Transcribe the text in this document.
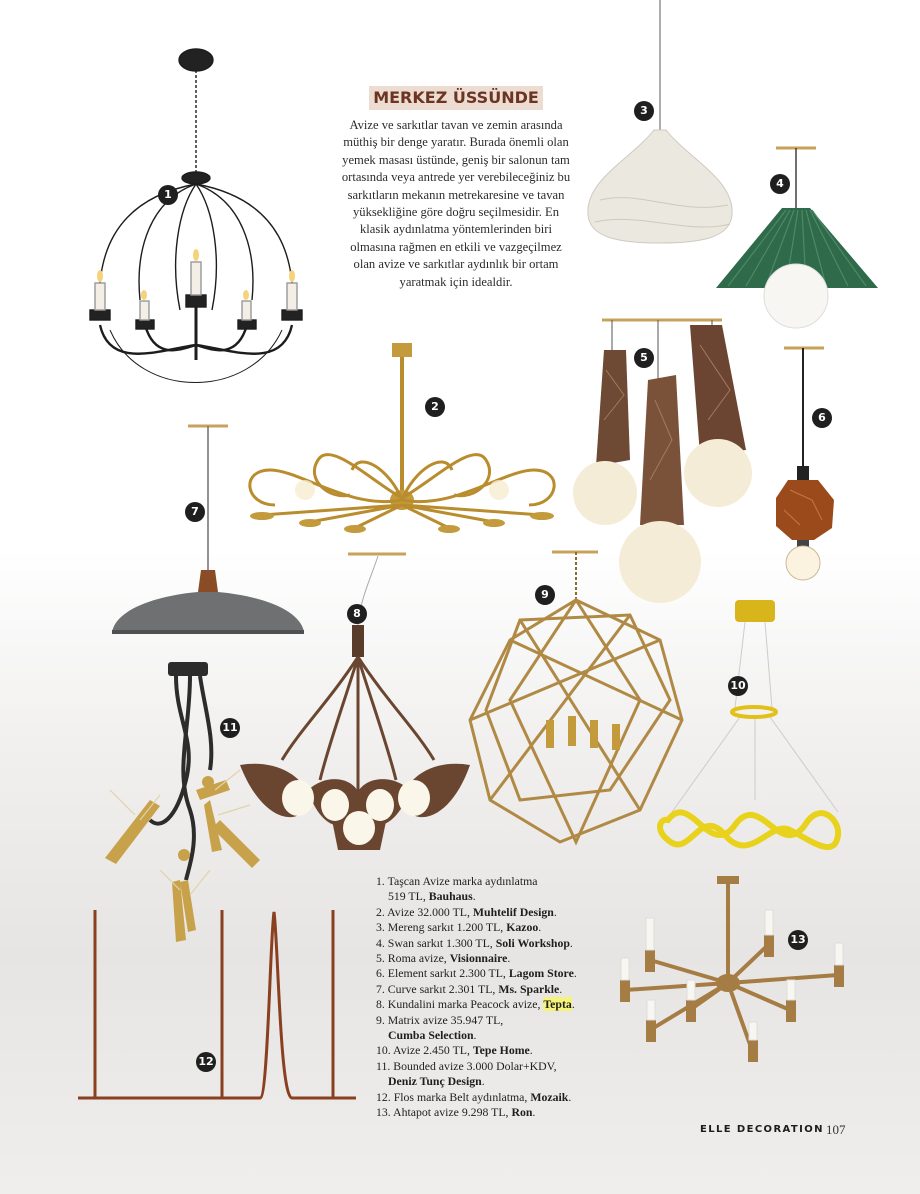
1
2
3
4
5
6
7
8
9
10
11
12
13
MERKEZ ÜSSÜNDE
Avize ve sarkıtlar tavan ve zemin arasında müthiş bir denge yaratır. Burada önemli olan yemek masası üstünde, geniş bir salonun tam ortasında veya antrede yer verebileceğiniz bu sarkıtların mekanın metrekaresine ve tavan yüksekliğine göre doğru seçilmesidir. En klasik aydınlatma yöntemlerinden biri olmasına rağmen en etkili ve vazgeçilmez olan avize ve sarkıtlar aydınlık bir ortam yaratmak için idealdir.
1. Taşcan Avize marka aydınlatma
519 TL, Bauhaus.
2. Avize 32.000 TL, Muhtelif Design.
3. Mereng sarkıt 1.200 TL, Kazoo.
4. Swan sarkıt 1.300 TL, Soli Workshop.
5. Roma avize, Visionnaire.
6. Element sarkıt 2.300 TL, Lagom Store.
7. Curve sarkıt 2.301 TL, Ms. Sparkle.
8. Kundalini marka Peacock avize, Tepta.
9. Matrix avize 35.947 TL,
Cumba Selection.
10. Avize 2.450 TL, Tepe Home.
11. Bounded avize 3.000 Dolar+KDV,
Deniz Tunç Design.
12. Flos marka Belt aydınlatma, Mozaik.
13. Ahtapot avize 9.298 TL, Ron.
ELLE DECORATION 107
